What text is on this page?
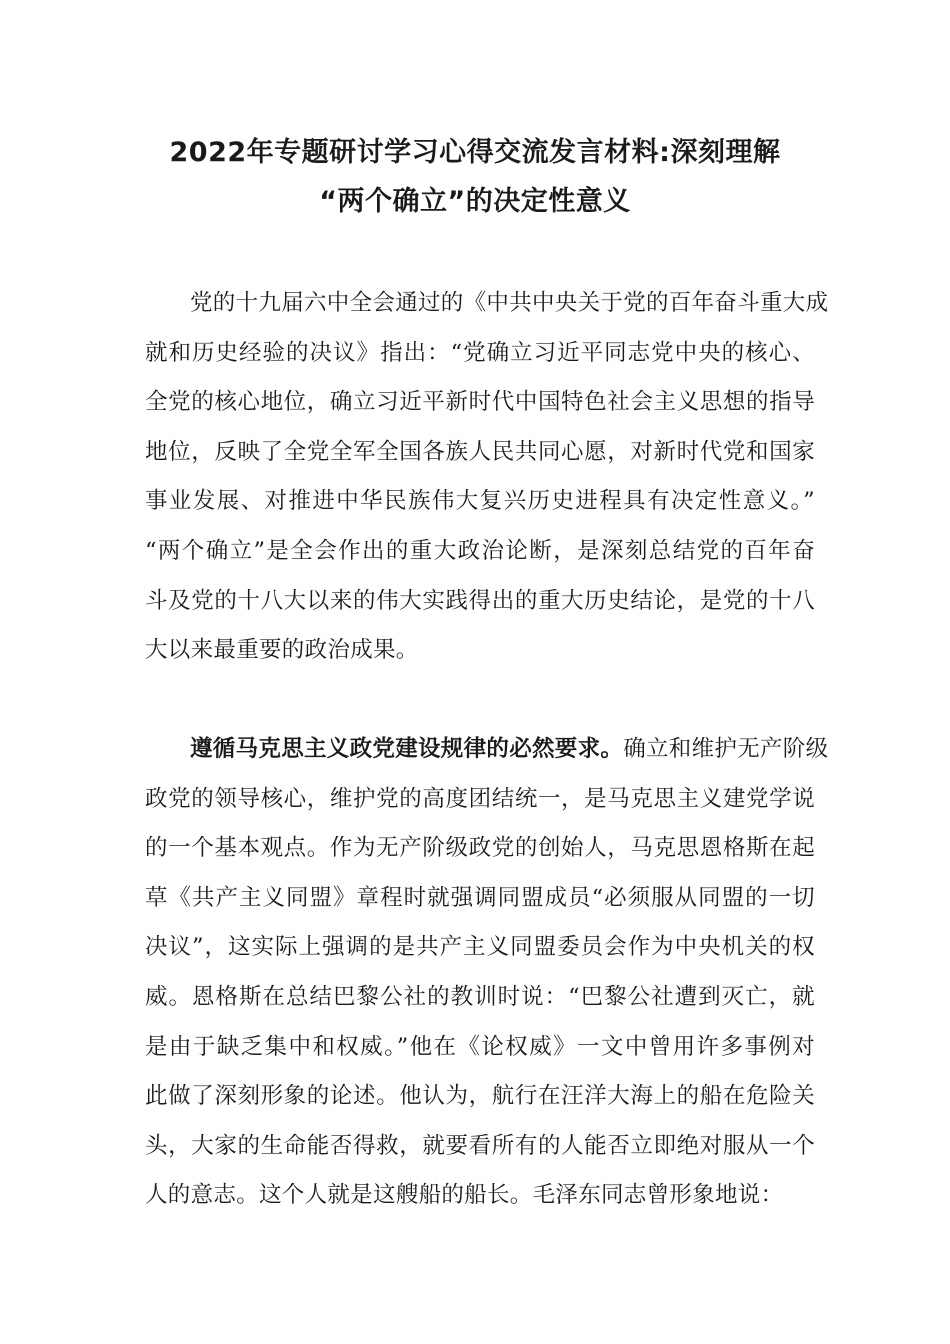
2022年专题研讨学习心得交流发言材料:深刻理解
“两个确立”的决定性意义

党的十九届六中全会通过的《中共中央关于党的百年奋斗重大成
就和历史经验的决议》指出：“党确立习近平同志党中央的核心、
全党的核心地位，确立习近平新时代中国特色社会主义思想的指导
地位，反映了全党全军全国各族人民共同心愿，对新时代党和国家
事业发展、对推进中华民族伟大复兴历史进程具有决定性意义。”
“两个确立”是全会作出的重大政治论断，是深刻总结党的百年奋
斗及党的十八大以来的伟大实践得出的重大历史结论，是党的十八
大以来最重要的政治成果。

遵循马克思主义政党建设规律的必然要求。确立和维护无产阶级
政党的领导核心，维护党的高度团结统一，是马克思主义建党学说
的一个基本观点。作为无产阶级政党的创始人，马克思恩格斯在起
草《共产主义同盟》章程时就强调同盟成员“必须服从同盟的一切
决议”，这实际上强调的是共产主义同盟委员会作为中央机关的权
威。恩格斯在总结巴黎公社的教训时说：“巴黎公社遭到灭亡，就
是由于缺乏集中和权威。”他在《论权威》一文中曾用许多事例对
此做了深刻形象的论述。他认为，航行在汪洋大海上的船在危险关
头，大家的生命能否得救，就要看所有的人能否立即绝对服从一个
人的意志。这个人就是这艘船的船长。毛泽东同志曾形象地说：
